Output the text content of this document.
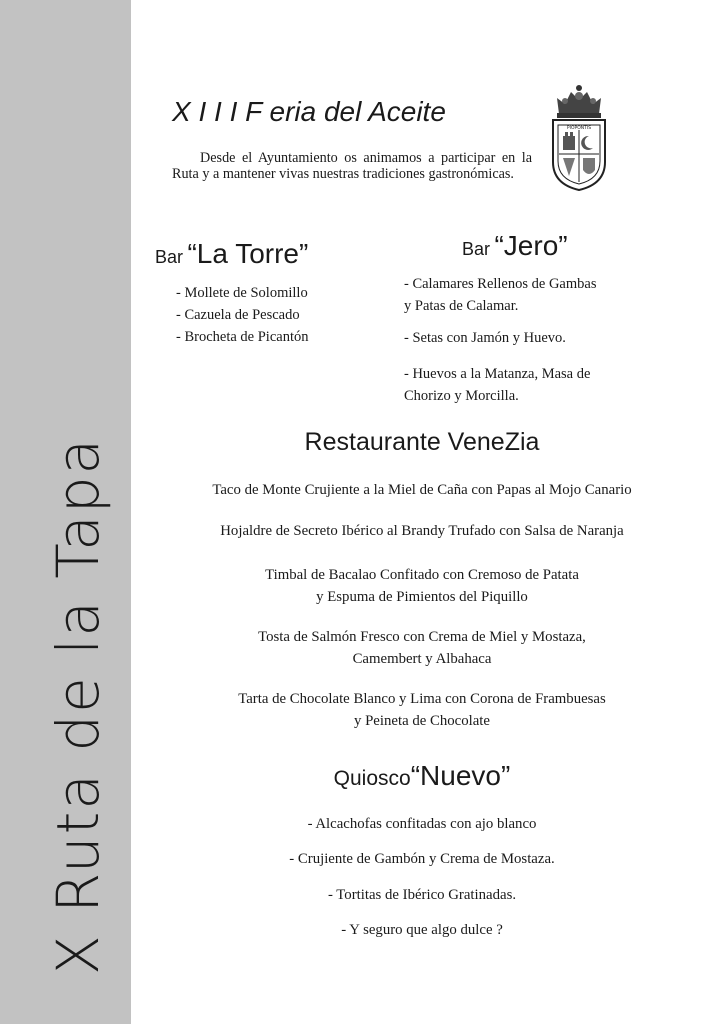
X Ruta de la Tapa
X I I I F eria del Aceite
PIOPONTIS
Desde el Ayuntamiento os animamos a participar en la Ruta y a mantener vivas nuestras tradiciones gastronómicas.
Bar “La Torre”
- Mollete de Solomillo
- Cazuela de Pescado
- Brocheta de Picantón
Bar “Jero”
- Calamares Rellenos de Gambas
y Patas de Calamar.
- Setas con Jamón y Huevo.
- Huevos a la Matanza, Masa de
Chorizo y Morcilla.
Restaurante VeneZia
Taco de Monte Crujiente a la Miel de Caña con Papas al Mojo Canario
Hojaldre de Secreto Ibérico al Brandy Trufado con Salsa de Naranja
Timbal de Bacalao Confitado con Cremoso de Patata
y Espuma de Pimientos del Piquillo
Tosta de Salmón Fresco con Crema de Miel y Mostaza,
Camembert y Albahaca
Tarta de Chocolate Blanco y Lima con Corona de Frambuesas
y Peineta de Chocolate
Quiosco“Nuevo”
- Alcachofas confitadas con ajo blanco
- Crujiente de Gambón y Crema de Mostaza.
- Tortitas de Ibérico Gratinadas.
- Y seguro que algo dulce ?
